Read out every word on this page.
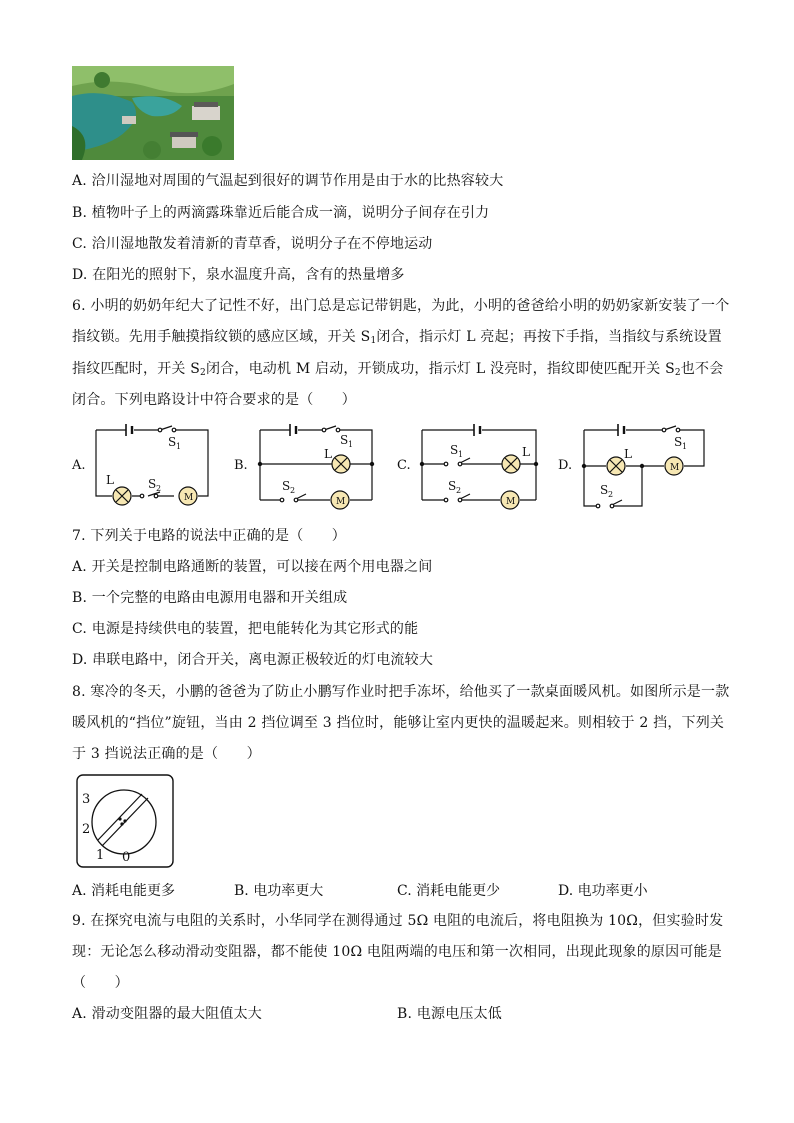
A. 洽川湿地对周围的气温起到很好的调节作用是由于水的比热容较大
B. 植物叶子上的两滴露珠靠近后能合成一滴，说明分子间存在引力
C. 洽川湿地散发着清新的青草香，说明分子在不停地运动
D. 在阳光的照射下，泉水温度升高，含有的热量增多
6. 小明的奶奶年纪大了记性不好，出门总是忘记带钥匙，为此，小明的爸爸给小明的奶奶家新安装了一个
指纹锁。先用手触摸指纹锁的感应区域，开关 $S_1$闭合，指示灯 L 亮起；再按下手指，当指纹与系统设置
指纹匹配时，开关 $S_2$闭合，电动机 M 启动，开锁成功，指示灯 L 没亮时，指纹即使匹配开关 $S_2$也不会
闭合。下列电路设计中符合要求的是（　　）
A.
M
S 1
L	S 2
B.
M
S 1
L
S 2
C.
M
S 1	L
S 2
D.	M
S 1
L
S 2
7. 下列关于电路的说法中正确的是（　　）
A. 开关是控制电路通断的装置，可以接在两个用电器之间
B. 一个完整的电路由电源用电器和开关组成
C. 电源是持续供电的装置，把电能转化为其它形式的能
D. 串联电路中，闭合开关，离电源正极较近的灯电流较大
8. 寒冷的冬天，小鹏的爸爸为了防止小鹏写作业时把手冻坏，给他买了一款桌面暖风机。如图所示是一款
暖风机的“挡位”旋钮，当由 2 挡位调至 3 挡位时，能够让室内更快的温暖起来。则相较于 2 挡，下列关
于 3 挡说法正确的是（　　）
3
2
1 0
A. 消耗电能更多	B. 电功率更大	C. 消耗电能更少	D. 电功率更小
9. 在探究电流与电阻的关系时，小华同学在测得通过 5Ω 电阻的电流后，将电阻换为 10Ω，但实验时发
现：无论怎么移动滑动变阻器，都不能使 10Ω 电阻两端的电压和第一次相同，出现此现象的原因可能是
（　　）
A. 滑动变阻器的最大阻值太大	B. 电源电压太低
